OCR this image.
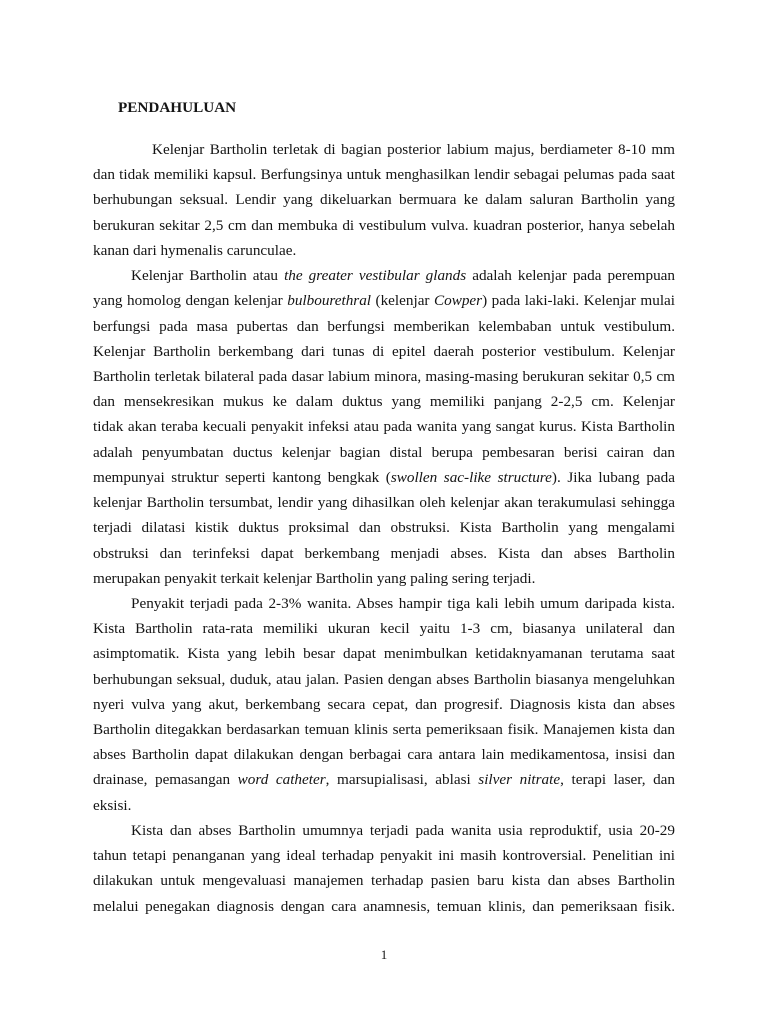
PENDAHULUAN
Kelenjar Bartholin terletak di bagian posterior labium majus, berdiameter 8-10 mm
dan tidak memiliki kapsul. Berfungsinya untuk menghasilkan lendir sebagai pelumas pada saat
berhubungan seksual. Lendir yang dikeluarkan bermuara ke dalam saluran Bartholin yang
berukuran sekitar 2,5 cm dan membuka di vestibulum vulva. kuadran posterior, hanya sebelah
kanan dari hymenalis carunculae.
Kelenjar Bartholin atau the greater vestibular glands adalah kelenjar pada perempuan
yang homolog dengan kelenjar bulbourethral (kelenjar Cowper) pada laki-laki. Kelenjar mulai
berfungsi pada masa pubertas dan berfungsi memberikan kelembaban untuk vestibulum.
Kelenjar Bartholin berkembang dari tunas di epitel daerah posterior vestibulum. Kelenjar
Bartholin terletak bilateral pada dasar labium minora, masing-masing berukuran sekitar 0,5 cm
dan mensekresikan mukus ke dalam duktus yang memiliki panjang 2-2,5 cm. Kelenjar
tidak akan teraba kecuali penyakit infeksi atau pada wanita yang sangat kurus. Kista Bartholin
adalah penyumbatan ductus kelenjar bagian distal berupa pembesaran berisi cairan dan
mempunyai struktur seperti kantong bengkak (swollen sac-like structure). Jika lubang pada
kelenjar Bartholin tersumbat, lendir yang dihasilkan oleh kelenjar akan terakumulasi sehingga
terjadi dilatasi kistik duktus proksimal dan obstruksi. Kista Bartholin yang mengalami
obstruksi dan terinfeksi dapat berkembang menjadi abses. Kista dan abses Bartholin
merupakan penyakit terkait kelenjar Bartholin yang paling sering terjadi.
Penyakit terjadi pada 2-3% wanita. Abses hampir tiga kali lebih umum daripada kista.
Kista Bartholin rata-rata memiliki ukuran kecil yaitu 1-3 cm, biasanya unilateral dan
asimptomatik. Kista yang lebih besar dapat menimbulkan ketidaknyamanan terutama saat
berhubungan seksual, duduk, atau jalan. Pasien dengan abses Bartholin biasanya mengeluhkan
nyeri vulva yang akut, berkembang secara cepat, dan progresif. Diagnosis kista dan abses
Bartholin ditegakkan berdasarkan temuan klinis serta pemeriksaan fisik. Manajemen kista dan
abses Bartholin dapat dilakukan dengan berbagai cara antara lain medikamentosa, insisi dan
drainase, pemasangan word catheter, marsupialisasi, ablasi silver nitrate, terapi laser, dan
eksisi.
Kista dan abses Bartholin umumnya terjadi pada wanita usia reproduktif, usia 20-29
tahun tetapi penanganan yang ideal terhadap penyakit ini masih kontroversial. Penelitian ini
dilakukan untuk mengevaluasi manajemen terhadap pasien baru kista dan abses Bartholin
melalui penegakan diagnosis dengan cara anamnesis, temuan klinis, dan pemeriksaan fisik.
1
